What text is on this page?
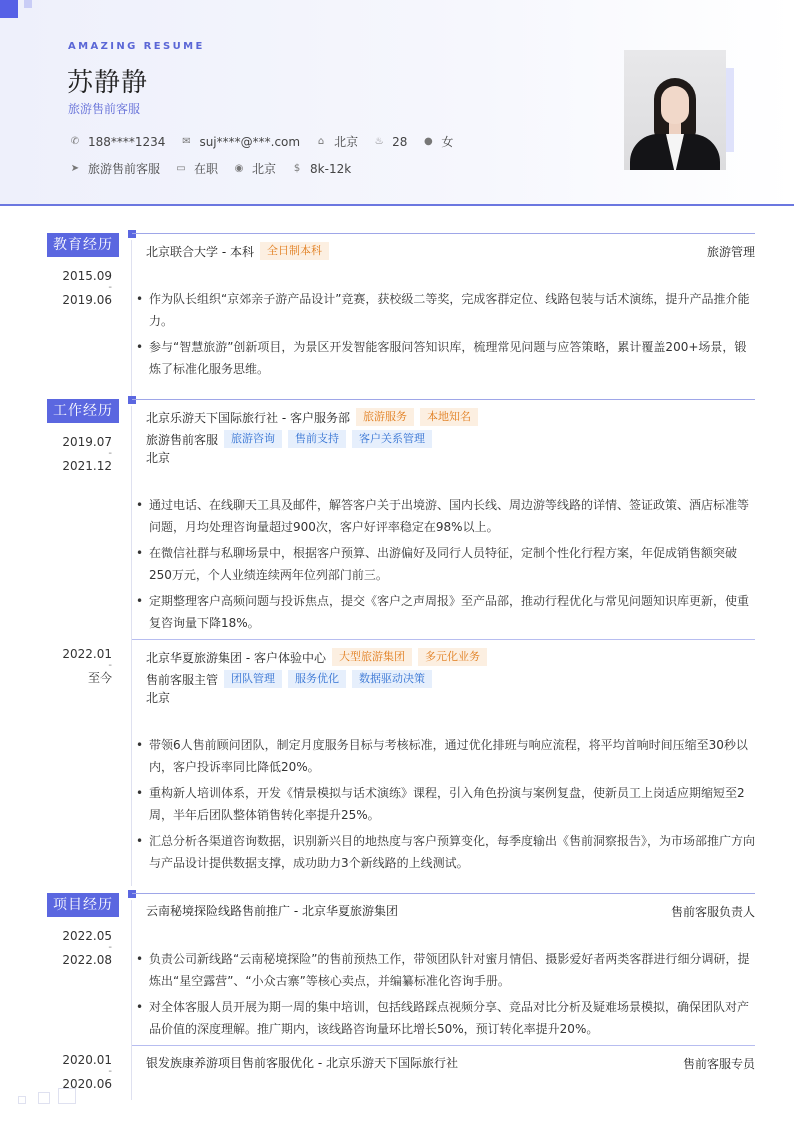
AMAZING RESUME
苏静静
旅游售前客服
✆ 188****1234 ✉ suj****@***.com	⌂ 北京 ♨ 28 ● 女
➤ 旅游售前客服 ▭ 在职 ◉ 北京	$ 8k-12k
教育经历
2015.09
-
2019.06
北京联合大学 - 本科	全日制本科	旅游管理
• 作为队长组织“京郊亲子游产品设计”竞赛，获校级二等奖，完成客群定位、线路包装与话术演练，提升产品推介能力。
• 参与“智慧旅游”创新项目，为景区开发智能客服问答知识库，梳理常见问题与应答策略，累计覆盖200+场景，锻炼了标准化服务思维。
工作经历
2019.07
-
2021.12
北京乐游天下国际旅行社 - 客户服务部	旅游服务	本地知名
旅游售前客服	旅游咨询	售前支持	客户关系管理
北京
• 通过电话、在线聊天工具及邮件，解答客户关于出境游、国内长线、周边游等线路的详情、签证政策、酒店标准等问题，月均处理咨询量超过900次，客户好评率稳定在98%以上。
• 在微信社群与私聊场景中，根据客户预算、出游偏好及同行人员特征，定制个性化行程方案，年促成销售额突破250万元，个人业绩连续两年位列部门前三。
• 定期整理客户高频问题与投诉焦点，提交《客户之声周报》至产品部，推动行程优化与常见问题知识库更新，使重复咨询量下降18%。
2022.01
-
至今
北京华夏旅游集团 - 客户体验中心	大型旅游集团	多元化业务
售前客服主管	团队管理	服务优化	数据驱动决策
北京
• 带领6人售前顾问团队，制定月度服务目标与考核标准，通过优化排班与响应流程，将平均首响时间压缩至30秒以内，客户投诉率同比降低20%。
• 重构新人培训体系，开发《情景模拟与话术演练》课程，引入角色扮演与案例复盘，使新员工上岗适应期缩短至2周，半年后团队整体销售转化率提升25%。
• 汇总分析各渠道咨询数据，识别新兴目的地热度与客户预算变化，每季度输出《售前洞察报告》，为市场部推广方向与产品设计提供数据支撑，成功助力3个新线路的上线测试。
项目经历
2022.05
-
2022.08
云南秘境探险线路售前推广 - 北京华夏旅游集团	售前客服负责人
• 负责公司新线路“云南秘境探险”的售前预热工作，带领团队针对蜜月情侣、摄影爱好者两类客群进行细分调研，提炼出“星空露营”、“小众古寨”等核心卖点，并编纂标准化咨询手册。
• 对全体客服人员开展为期一周的集中培训，包括线路踩点视频分享、竞品对比分析及疑难场景模拟，确保团队对产品价值的深度理解。推广期内，该线路咨询量环比增长50%，预订转化率提升20%。
2020.01
-
2020.06
银发族康养游项目售前客服优化 - 北京乐游天下国际旅行社	售前客服专员
